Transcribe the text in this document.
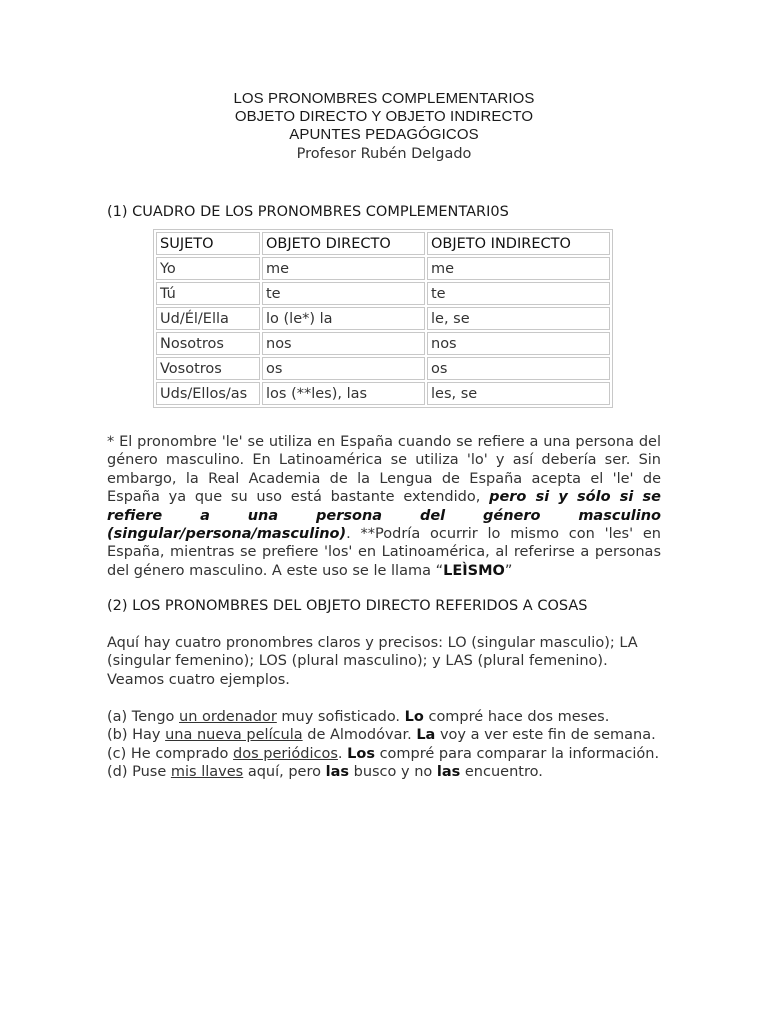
LOS PRONOMBRES COMPLEMENTARIOS
OBJETO DIRECTO Y OBJETO INDIRECTO
APUNTES PEDAGÓGICOS
Profesor Rubén Delgado
(1) CUADRO DE LOS PRONOMBRES COMPLEMENTARI0S
SUJETO	OBJETO DIRECTO	OBJETO INDIRECTO
Yo	me	me
Tú	te	te
Ud/Él/Ella	lo (le*) la	le, se
Nosotros	nos	nos
Vosotros	os	os
Uds/Ellos/as	los (**les), las	les, se
* El pronombre 'le' se utiliza en España cuando se refiere a una persona del género masculino. En Latinoamérica se utiliza 'lo' y así debería ser. Sin embargo, la Real Academia de la Lengua de España acepta el 'le' de España ya que su uso está bastante extendido, pero si y sólo si se refiere a una persona del género masculino (singular/persona/masculino). **Podría ocurrir lo mismo con 'les' en España, mientras se prefiere 'los' en Latinoamérica, al referirse a personas del género masculino. A este uso se le llama “LEÌSMO”
(2) LOS PRONOMBRES DEL OBJETO DIRECTO REFERIDOS A COSAS
Aquí hay cuatro pronombres claros y precisos: LO (singular masculio); LA (singular femenino); LOS (plural masculino); y LAS (plural femenino). Veamos cuatro ejemplos.
(a) Tengo un ordenador muy sofisticado. Lo compré hace dos meses.
(b) Hay una nueva película de Almodóvar. La voy a ver este fin de semana.
(c) He comprado dos periódicos. Los compré para comparar la información.
(d) Puse mis llaves aquí, pero las busco y no las encuentro.
